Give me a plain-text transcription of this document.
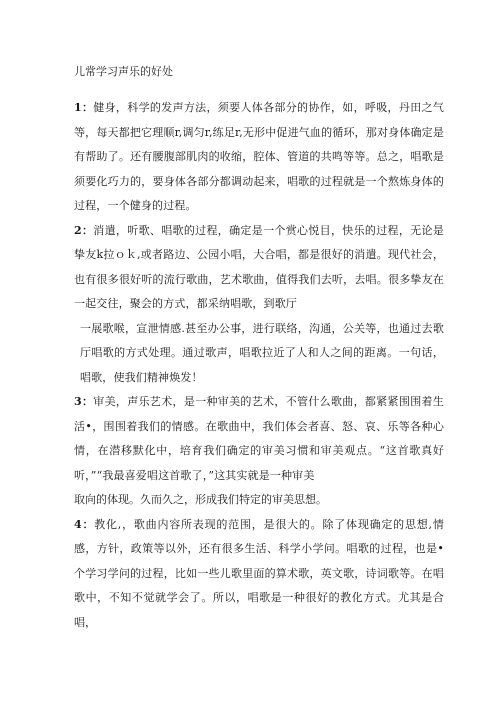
儿常学习声乐的好处

1：健身，科学的发声方法，须要人体各部分的协作，如，呼吸，丹田之气等，每天都把它理顺r,调匀r,练足r,无形中促进气血的循环，那对身体确定是有帮助了。还有腰腹部肌肉的收缩，腔体、管道的共鸣等等。总之，唱歌是须要化巧力的，要身体各部分都调动起来，唱歌的过程就是一个熬炼身体的过程，一个健身的过程。

2：消遣，听歌、唱歌的过程，确定是一个赏心悦目，快乐的过程，无论是挚友k拉ｏｋ,或者路边、公园小唱，大合唱，都是很好的消遣。现代社会，也有很多很好听的流行歌曲，艺术歌曲，值得我们去听，去唱。很多挚友在一起交往，聚会的方式，都采纳唱歌，到歌厅

一展歌喉，宣泄情感.甚至办公事，进行联络，沟通，公关等，也通过去歌厅唱歌的方式处理。通过歌声，唱歌拉近了人和人之间的距离。一句话，唱歌，使我们精神焕发！

3：审美，声乐艺术，是一种审美的艺术，不管什么歌曲，都紧紧围围着生活•，围围着我们的情感。在歌曲中，我们体会者喜、怒、哀、乐等各种心情，在潜移默化中，培育我们确定的审美习惯和审美观点。“这首歌真好听，”“我最喜爱唱这首歌了，”这其实就是一种审美

取向的体现。久而久之，形成我们特定的审美思想。

4：教化,，歌曲内容所表现的范围，是很大的。除了体现确定的思想,情感，方针，政策等以外，还有很多生活、科学小学问。唱歌的过程，也是•个学习学问的过程，比如一些儿歌里面的算术歌，英文歌，诗词歌等。在唱歌中，不知不觉就学会了。所以，唱歌是一种很好的教化方式。尤其是合唱，
